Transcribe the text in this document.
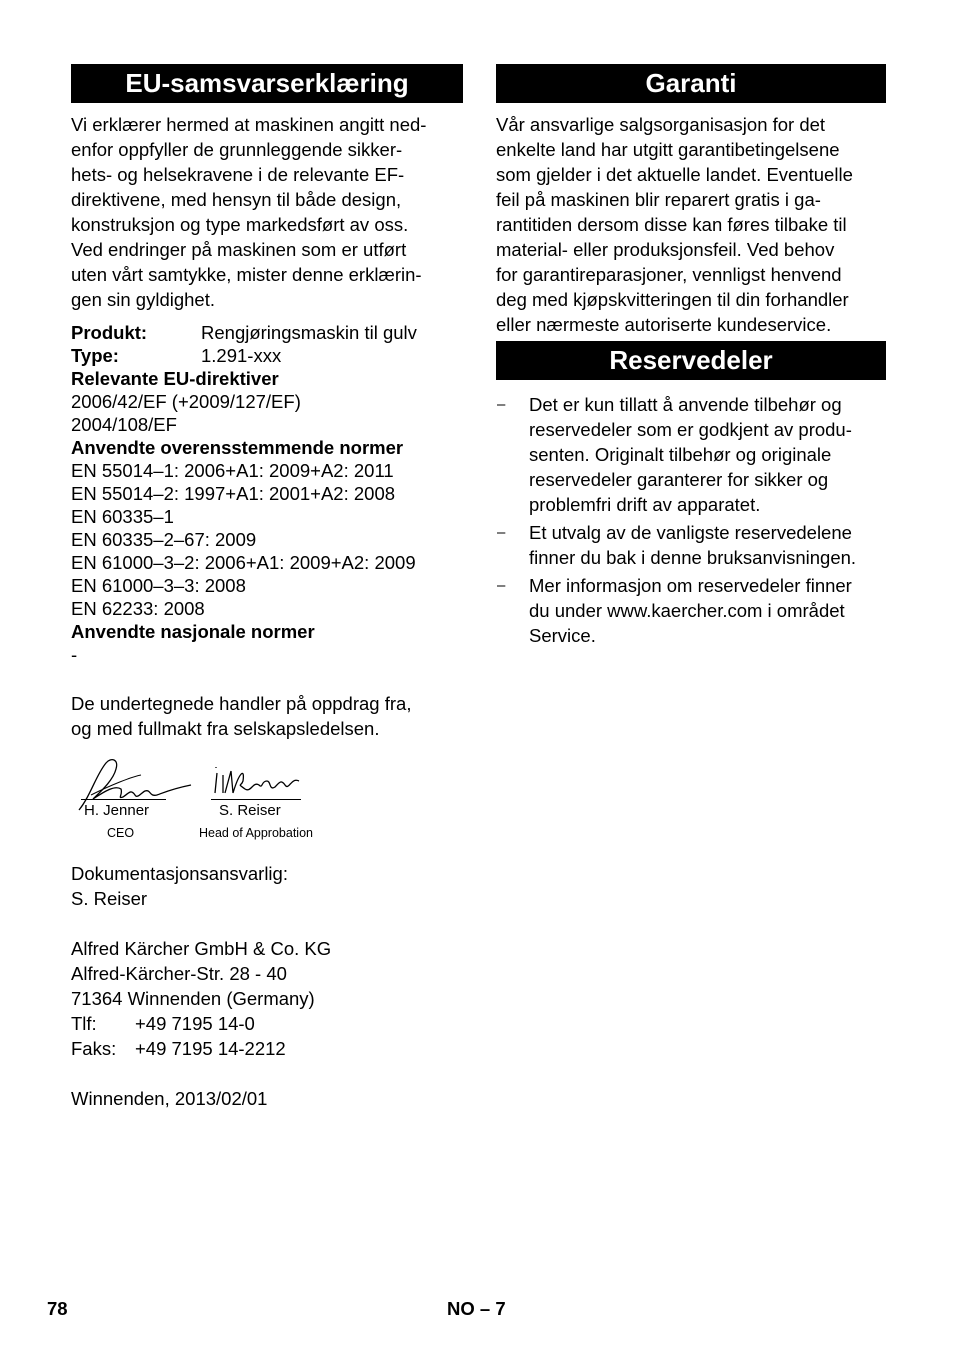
EU-samsvarserklæring
Vi erklærer hermed at maskinen angitt ned-
enfor oppfyller de grunnleggende sikker-
hets- og helsekravene i de relevante EF-
direktivene, med hensyn til både design,
konstruksjon og type markedsført av oss.
Ved endringer på maskinen som er utført
uten vårt samtykke, mister denne erklærin-
gen sin gyldighet.
Produkt:	Rengjøringsmaskin til gulv
Type:	1.291-xxx
Relevante EU-direktiver
2006/42/EF (+2009/127/EF)
2004/108/EF
Anvendte overensstemmende normer
EN 55014–1: 2006+A1: 2009+A2: 2011
EN 55014–2: 1997+A1: 2001+A2: 2008
EN 60335–1
EN 60335–2–67: 2009
EN 61000–3–2: 2006+A1: 2009+A2: 2009
EN 61000–3–3: 2008
EN 62233: 2008
Anvendte nasjonale normer
-
De undertegnede handler på oppdrag fra,
og med fullmakt fra selskapsledelsen.
H. Jenner
CEO
S. Reiser
Head of Approbation
Dokumentasjonsansvarlig:
S. Reiser
Alfred Kärcher GmbH & Co. KG
Alfred-Kärcher-Str. 28 - 40
71364 Winnenden (Germany)
Tlf:	+49 7195 14-0
Faks:	+49 7195 14-2212
Winnenden, 2013/02/01
Garanti
Vår ansvarlige salgsorganisasjon for det
enkelte land har utgitt garantibetingelsene
som gjelder i det aktuelle landet. Eventuelle
feil på maskinen blir reparert gratis i ga-
rantitiden dersom disse kan føres tilbake til
material- eller produksjonsfeil. Ved behov
for garantireparasjoner, vennligst henvend
deg med kjøpskvitteringen til din forhandler
eller nærmeste autoriserte kundeservice.
Reservedeler
–	Det er kun tillatt å anvende tilbehør og
reservedeler som er godkjent av produ-
senten. Originalt tilbehør og originale
reservedeler garanterer for sikker og
problemfri drift av apparatet.
–	Et utvalg av de vanligste reservedelene
finner du bak i denne bruksanvisningen.
–	Mer informasjon om reservedeler finner
du under www.kaercher.com i området
Service.
78	NO – 7
